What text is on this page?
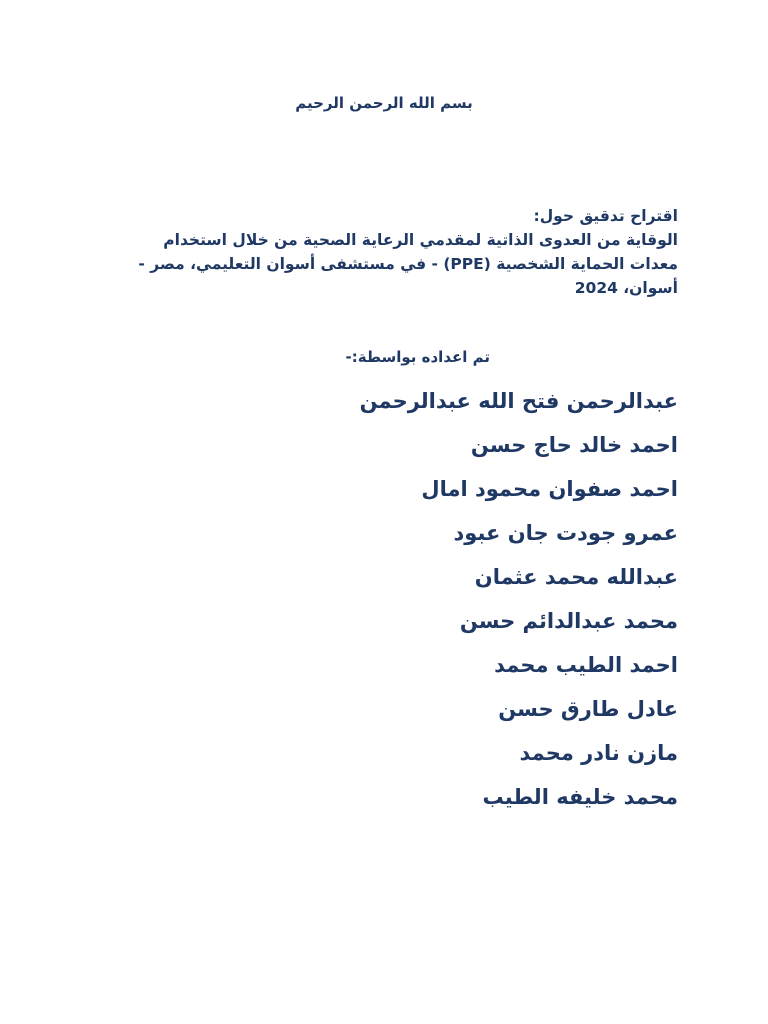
بسم الله الرحمن الرحيم
اقتراح تدقيق حول:
الوقاية من العدوى الذاتية لمقدمي الرعاية الصحية من خلال استخدام
معدات الحماية الشخصية (PPE) - في مستشفى أسوان التعليمي، مصر -
أسوان، 2024
تم اعداده بواسطة:-
عبدالرحمن فتح الله عبدالرحمن
احمد خالد حاج حسن
احمد صفوان محمود امال
عمرو جودت جان عبود
عبدالله محمد عثمان
محمد عبدالدائم حسن
احمد الطيب محمد
عادل طارق حسن
مازن نادر محمد
محمد خليفه الطيب
